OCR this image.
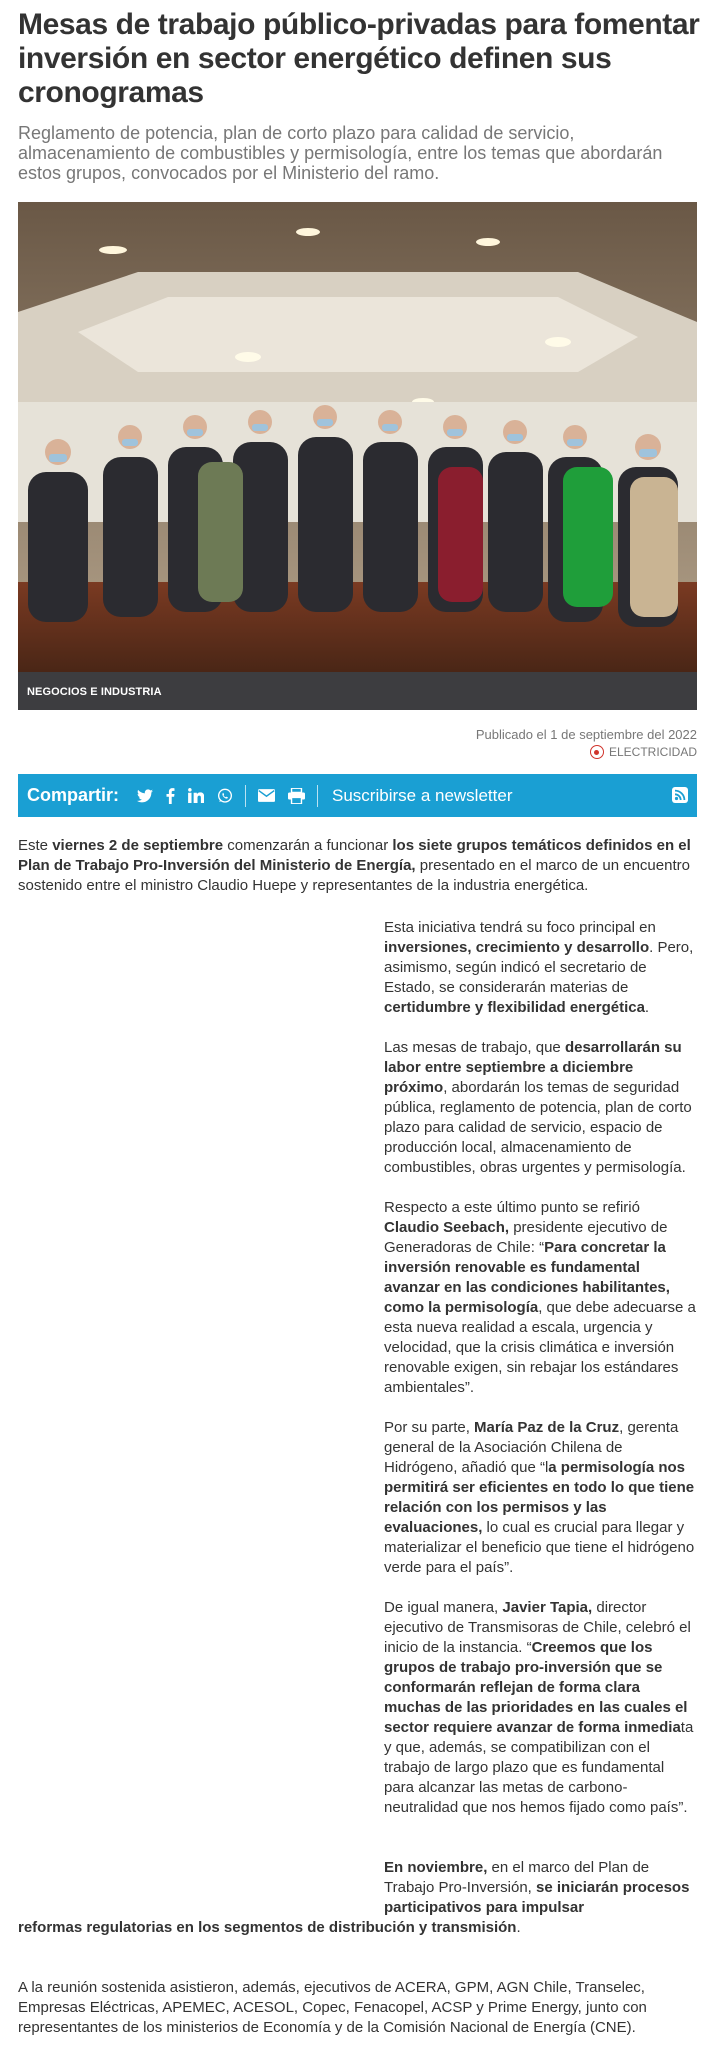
Mesas de trabajo público-privadas para fomentar inversión en sector energético definen sus cronogramas

Reglamento de potencia, plan de corto plazo para calidad de servicio, almacenamiento de combustibles y permisología, entre los temas que abordarán estos grupos, convocados por el Ministerio del ramo.

NEGOCIOS E INDUSTRIA
Publicado el 1 de septiembre del 2022
ELECTRICIDAD
Compartir:	Suscribirse a newsletter

Este viernes 2 de septiembre comenzarán a funcionar los siete grupos temáticos definidos en el Plan de Trabajo Pro-Inversión del Ministerio de Energía, presentado en el marco de un encuentro sostenido entre el ministro Claudio Huepe y representantes de la industria energética.

Esta iniciativa tendrá su foco principal en inversiones, crecimiento y desarrollo. Pero, asimismo, según indicó el secretario de Estado, se considerarán materias de certidumbre y flexibilidad energética.

Las mesas de trabajo, que desarrollarán su labor entre septiembre a diciembre próximo, abordarán los temas de seguridad pública, reglamento de potencia, plan de corto plazo para calidad de servicio, espacio de producción local, almacenamiento de combustibles, obras urgentes y permisología.

Respecto a este último punto se refirió Claudio Seebach, presidente ejecutivo de Generadoras de Chile: “Para concretar la inversión renovable es fundamental avanzar en las condiciones habilitantes, como la permisología, que debe adecuarse a esta nueva realidad a escala, urgencia y velocidad, que la crisis climática e inversión renovable exigen, sin rebajar los estándares ambientales”.

Por su parte, María Paz de la Cruz, gerenta general de la Asociación Chilena de Hidrógeno, añadió que “la permisología nos permitirá ser eficientes en todo lo que tiene relación con los permisos y las evaluaciones, lo cual es crucial para llegar y materializar el beneficio que tiene el hidrógeno verde para el país”.

De igual manera, Javier Tapia, director ejecutivo de Transmisoras de Chile, celebró el inicio de la instancia. “Creemos que los grupos de trabajo pro-inversión que se conformarán reflejan de forma clara muchas de las prioridades en las cuales el sector requiere avanzar de forma inmediata y que, además, se compatibilizan con el trabajo de largo plazo que es fundamental para alcanzar las metas de carbono-neutralidad que nos hemos fijado como país”.

En noviembre, en el marco del Plan de Trabajo Pro-Inversión, se iniciarán procesos participativos para impulsar

reformas regulatorias en los segmentos de distribución y transmisión.

A la reunión sostenida asistieron, además, ejecutivos de ACERA, GPM, AGN Chile, Transelec, Empresas Eléctricas, APEMEC, ACESOL, Copec, Fenacopel, ACSP y Prime Energy, junto con representantes de los ministerios de Economía y de la Comisión Nacional de Energía (CNE).
